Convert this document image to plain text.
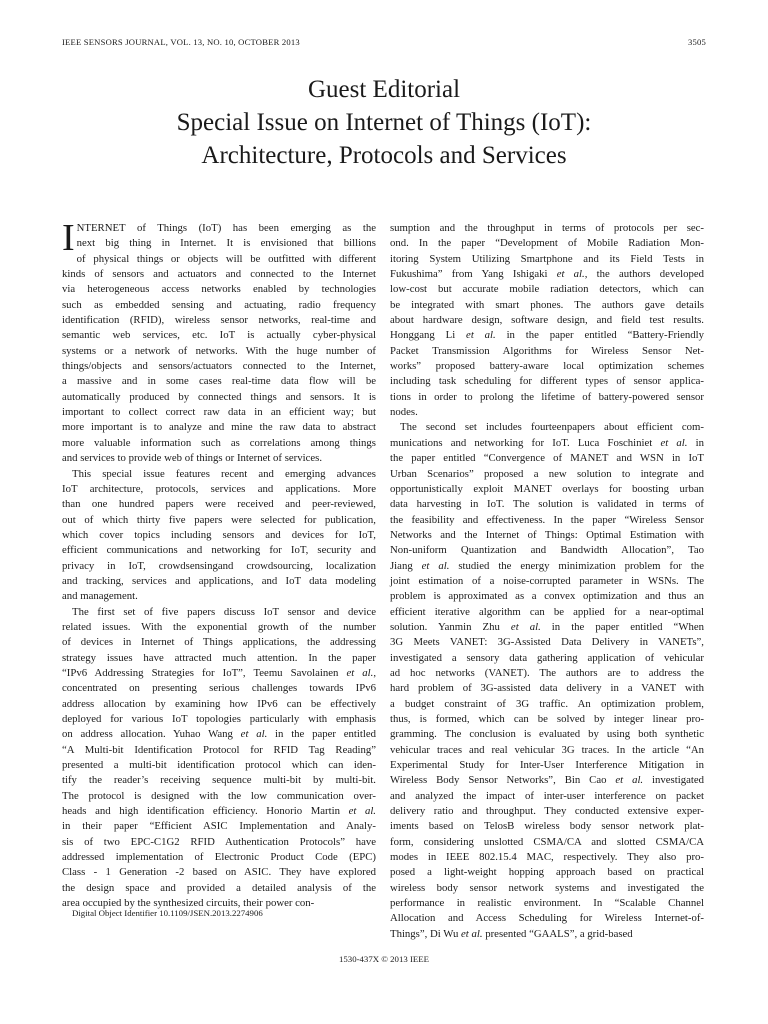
IEEE SENSORS JOURNAL, VOL. 13, NO. 10, OCTOBER 2013	3505
Guest Editorial
Special Issue on Internet of Things (IoT):
Architecture, Protocols and Services
I NTERNET of Things (IoT) has been emerging as the
next big thing in Internet. It is envisioned that billions
of physical things or objects will be outfitted with different
kinds of sensors and actuators and connected to the Internet
via heterogeneous access networks enabled by technologies
such as embedded sensing and actuating, radio frequency
identification (RFID), wireless sensor networks, real-time and
semantic web services, etc. IoT is actually cyber-physical
systems or a network of networks. With the huge number of
things/objects and sensors/actuators connected to the Internet,
a massive and in some cases real-time data flow will be
automatically produced by connected things and sensors. It is
important to collect correct raw data in an efficient way; but
more important is to analyze and mine the raw data to abstract
more valuable information such as correlations among things
and services to provide web of things or Internet of services.
This special issue features recent and emerging advances
IoT architecture, protocols, services and applications. More
than one hundred papers were received and peer-reviewed,
out of which thirty five papers were selected for publication,
which cover topics including sensors and devices for IoT,
efficient communications and networking for IoT, security and
privacy in IoT, crowdsensingand crowdsourcing, localization
and tracking, services and applications, and IoT data modeling
and management.
The first set of five papers discuss IoT sensor and device
related issues. With the exponential growth of the number
of devices in Internet of Things applications, the addressing
strategy issues have attracted much attention. In the paper
“IPv6 Addressing Strategies for IoT”, Teemu Savolainen et al.,
concentrated on presenting serious challenges towards IPv6
address allocation by examining how IPv6 can be effectively
deployed for various IoT topologies particularly with emphasis
on address allocation. Yuhao Wang et al. in the paper entitled
“A Multi-bit Identification Protocol for RFID Tag Reading”
presented a multi-bit identification protocol which can iden-
tify the reader’s receiving sequence multi-bit by multi-bit.
The protocol is designed with the low communication over-
heads and high identification efficiency. Honorio Martin et al.
in their paper “Efficient ASIC Implementation and Analy-
sis of two EPC-C1G2 RFID Authentication Protocols” have
addressed implementation of Electronic Product Code (EPC)
Class - 1 Generation -2 based on ASIC. They have explored
the design space and provided a detailed analysis of the
area occupied by the synthesized circuits, their power con-
sumption and the throughput in terms of protocols per sec-
ond. In the paper “Development of Mobile Radiation Mon-
itoring System Utilizing Smartphone and its Field Tests in
Fukushima” from Yang Ishigaki et al., the authors developed
low-cost but accurate mobile radiation detectors, which can
be integrated with smart phones. The authors gave details
about hardware design, software design, and field test results.
Honggang Li et al. in the paper entitled “Battery-Friendly
Packet Transmission Algorithms for Wireless Sensor Net-
works” proposed battery-aware local optimization schemes
including task scheduling for different types of sensor applica-
tions in order to prolong the lifetime of battery-powered sensor
nodes.
The second set includes fourteenpapers about efficient com-
munications and networking for IoT. Luca Foschiniet et al. in
the paper entitled “Convergence of MANET and WSN in IoT
Urban Scenarios” proposed a new solution to integrate and
opportunistically exploit MANET overlays for boosting urban
data harvesting in IoT. The solution is validated in terms of
the feasibility and effectiveness. In the paper “Wireless Sensor
Networks and the Internet of Things: Optimal Estimation with
Non-uniform Quantization and Bandwidth Allocation”, Tao
Jiang et al. studied the energy minimization problem for the
joint estimation of a noise-corrupted parameter in WSNs. The
problem is approximated as a convex optimization and thus an
efficient iterative algorithm can be applied for a near-optimal
solution. Yanmin Zhu et al. in the paper entitled “When
3G Meets VANET: 3G-Assisted Data Delivery in VANETs”,
investigated a sensory data gathering application of vehicular
ad hoc networks (VANET). The authors are to address the
hard problem of 3G-assisted data delivery in a VANET with
a budget constraint of 3G traffic. An optimization problem,
thus, is formed, which can be solved by integer linear pro-
gramming. The conclusion is evaluated by using both synthetic
vehicular traces and real vehicular 3G traces. In the article “An
Experimental Study for Inter-User Interference Mitigation in
Wireless Body Sensor Networks”, Bin Cao et al. investigated
and analyzed the impact of inter-user interference on packet
delivery ratio and throughput. They conducted extensive exper-
iments based on TelosB wireless body sensor network plat-
form, considering unslotted CSMA/CA and slotted CSMA/CA
modes in IEEE 802.15.4 MAC, respectively. They also pro-
posed a light-weight hopping approach based on practical
wireless body sensor network systems and investigated the
performance in realistic environment. In “Scalable Channel
Allocation and Access Scheduling for Wireless Internet-of-
Things”, Di Wu et al. presented “GAALS”, a grid-based
Digital Object Identifier 10.1109/JSEN.2013.2274906
1530-437X © 2013 IEEE
